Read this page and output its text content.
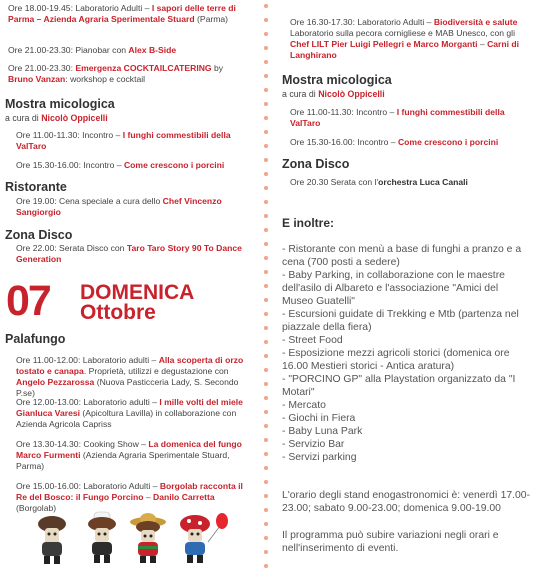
Ore 18.00-19.45: Laboratorio Adulti – I sapori delle terre di Parma – Azienda Agraria Sperimentale Stuard (Parma)
Ore 21.00-23.30: Pianobar con Alex B-Side
Ore 21.00-23.30: Emergenza COCKTAILCATERING by Bruno Vanzan: workshop e cocktail
Mostra micologica
a cura di Nicolò Oppicelli
Ore 11.00-11.30: Incontro – I funghi commestibili della ValTaro
Ore 15.30-16.00: Incontro – Come crescono i porcini
Ristorante
Ore 19.00: Cena speciale a cura dello Chef Vincenzo Sangiorgio
Zona Disco
Ore 22.00: Serata Disco con Taro Taro Story 90 To Dance Generation
07 DOMENICA
Ottobre
Palafungo
Ore 11.00-12.00: Laboratorio adulti – Alla scoperta di orzo tostato e canapa. Proprietà, utilizzi e degustazione con Angelo Pezzarossa (Nuova Pasticceria Lady, S. Secondo P.se)
Ore 12.00-13.00: Laboratorio adulti – I mille volti del miele Gianluca Varesi (Apicoltura Lavilla) in collaborazione con Azienda Agricola Capriss
Ore 13.30-14.30: Cooking Show – La domenica del fungo Marco Furmenti (Azienda Agraria Sperimentale Stuard, Parma)
Ore 15.00-16.00: Laboratorio Adulti – Borgolab racconta il Re del Bosco: il Fungo Porcino – Danilo Carretta (Borgolab)
Ore 16.30-17.30: Laboratorio Adulti – Biodiversità e salute Laboratorio sulla pecora cornigliese e MAB Unesco, con gli Chef LILT Pier Luigi Pellegri e Marco Morganti – Carni di Langhirano
Mostra micologica
a cura di Nicolò Oppicelli
Ore 11.00-11.30: Incontro – I funghi commestibili della ValTaro
Ore 15.30-16.00: Incontro – Come crescono i porcini
Zona Disco
Ore 20.30 Serata con l'orchestra Luca Canali
E inoltre:
- Ristorante con menù a base di funghi a pranzo e a cena (700 posti a sedere)
- Baby Parking, in collaborazione con le maestre dell'asilo di Albareto e l'associazione "Amici del Museo Guatelli"
- Escursioni guidate di Trekking e Mtb (partenza nel piazzale della fiera)
- Street Food
- Esposizione mezzi agricoli storici (domenica ore 16.00 Mestieri storici - Antica aratura)
- "PORCINO GP" alla Playstation organizzato da "I Motari"
- Mercato
- Giochi in Fiera
- Baby Luna Park
- Servizio Bar
- Servizi parking
L'orario degli stand enogastronomici è: venerdì 17.00-23.00; sabato 9.00-23.00; domenica 9.00-19.00
Il programma può subire variazioni negli orari e nell'inserimento di eventi.
